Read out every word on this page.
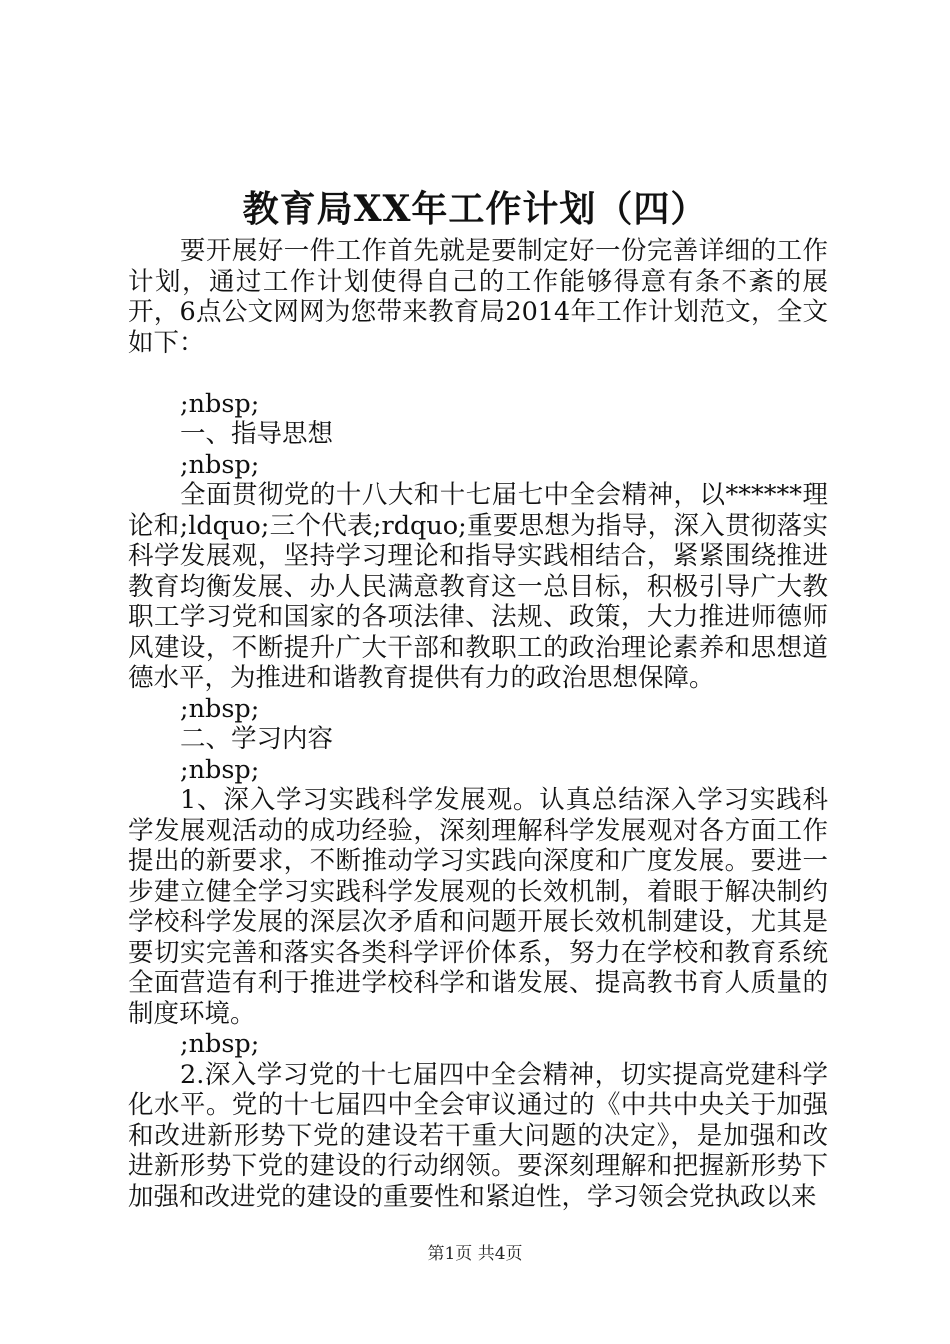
教育局XX年工作计划（四）

要开展好一件工作首先就是要制定好一份完善详细的工作计划，通过工作计划使得自己的工作能够得意有条不紊的展开，6点公文网网为您带来教育局2014年工作计划范文，全文如下：

;nbsp;

一、指导思想

;nbsp;

全面贯彻党的十八大和十七届七中全会精神，以******理论和;ldquo;三个代表;rdquo;重要思想为指导，深入贯彻落实科学发展观，坚持学习理论和指导实践相结合，紧紧围绕推进教育均衡发展、办人民满意教育这一总目标，积极引导广大教职工学习党和国家的各项法律、法规、政策，大力推进师德师风建设，不断提升广大干部和教职工的政治理论素养和思想道德水平，为推进和谐教育提供有力的政治思想保障。

;nbsp;

二、学习内容

;nbsp;

1、深入学习实践科学发展观。认真总结深入学习实践科学发展观活动的成功经验，深刻理解科学发展观对各方面工作提出的新要求，不断推动学习实践向深度和广度发展。要进一步建立健全学习实践科学发展观的长效机制，着眼于解决制约学校科学发展的深层次矛盾和问题开展长效机制建设，尤其是要切实完善和落实各类科学评价体系，努力在学校和教育系统全面营造有利于推进学校科学和谐发展、提高教书育人质量的制度环境。

;nbsp;

2.深入学习党的十七届四中全会精神，切实提高党建科学化水平。党的十七届四中全会审议通过的《中共中央关于加强和改进新形势下党的建设若干重大问题的决定》，是加强和改进新形势下党的建设的行动纲领。要深刻理解和把握新形势下加强和改进党的建设的重要性和紧迫性，学习领会党执政以来

第1页 共4页
